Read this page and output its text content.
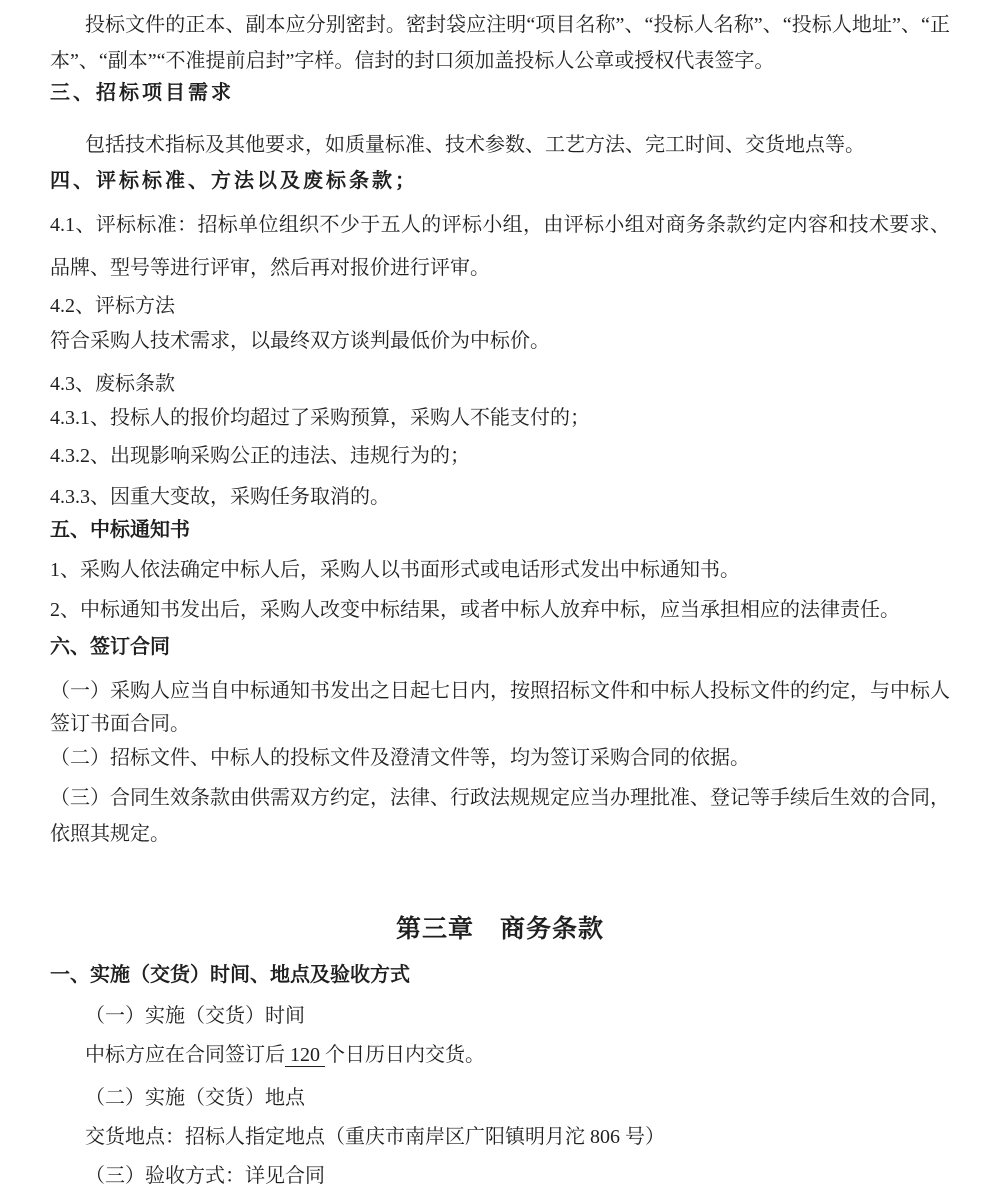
投标文件的正本、副本应分别密封。密封袋应注明“项目名称”、“投标人名称”、“投标人地址”、“正
本”、“副本”“不准提前启封”字样。信封的封口须加盖投标人公章或授权代表签字。
三、招标项目需求
包括技术指标及其他要求，如质量标准、技术参数、工艺方法、完工时间、交货地点等。
四、评标标准、方法以及废标条款；
4.1、评标标准：招标单位组织不少于五人的评标小组，由评标小组对商务条款约定内容和技术要求、
品牌、型号等进行评审，然后再对报价进行评审。
4.2、评标方法
符合采购人技术需求，以最终双方谈判最低价为中标价。
4.3、废标条款
4.3.1、投标人的报价均超过了采购预算，采购人不能支付的；
4.3.2、出现影响采购公正的违法、违规行为的；
4.3.3、因重大变故，采购任务取消的。
五、中标通知书
1、采购人依法确定中标人后，采购人以书面形式或电话形式发出中标通知书。
2、中标通知书发出后，采购人改变中标结果，或者中标人放弃中标，应当承担相应的法律责任。
六、签订合同
（一）采购人应当自中标通知书发出之日起七日内，按照招标文件和中标人投标文件的约定，与中标人
签订书面合同。
（二）招标文件、中标人的投标文件及澄清文件等，均为签订采购合同的依据。
（三）合同生效条款由供需双方约定，法律、行政法规规定应当办理批准、登记等手续后生效的合同，
依照其规定。
第三章　商务条款
一、实施（交货）时间、地点及验收方式
（一）实施（交货）时间
中标方应在合同签订后 120 个日历日内交货。
（二）实施（交货）地点
交货地点：招标人指定地点（重庆市南岸区广阳镇明月沱 806 号）
（三）验收方式：详见合同
